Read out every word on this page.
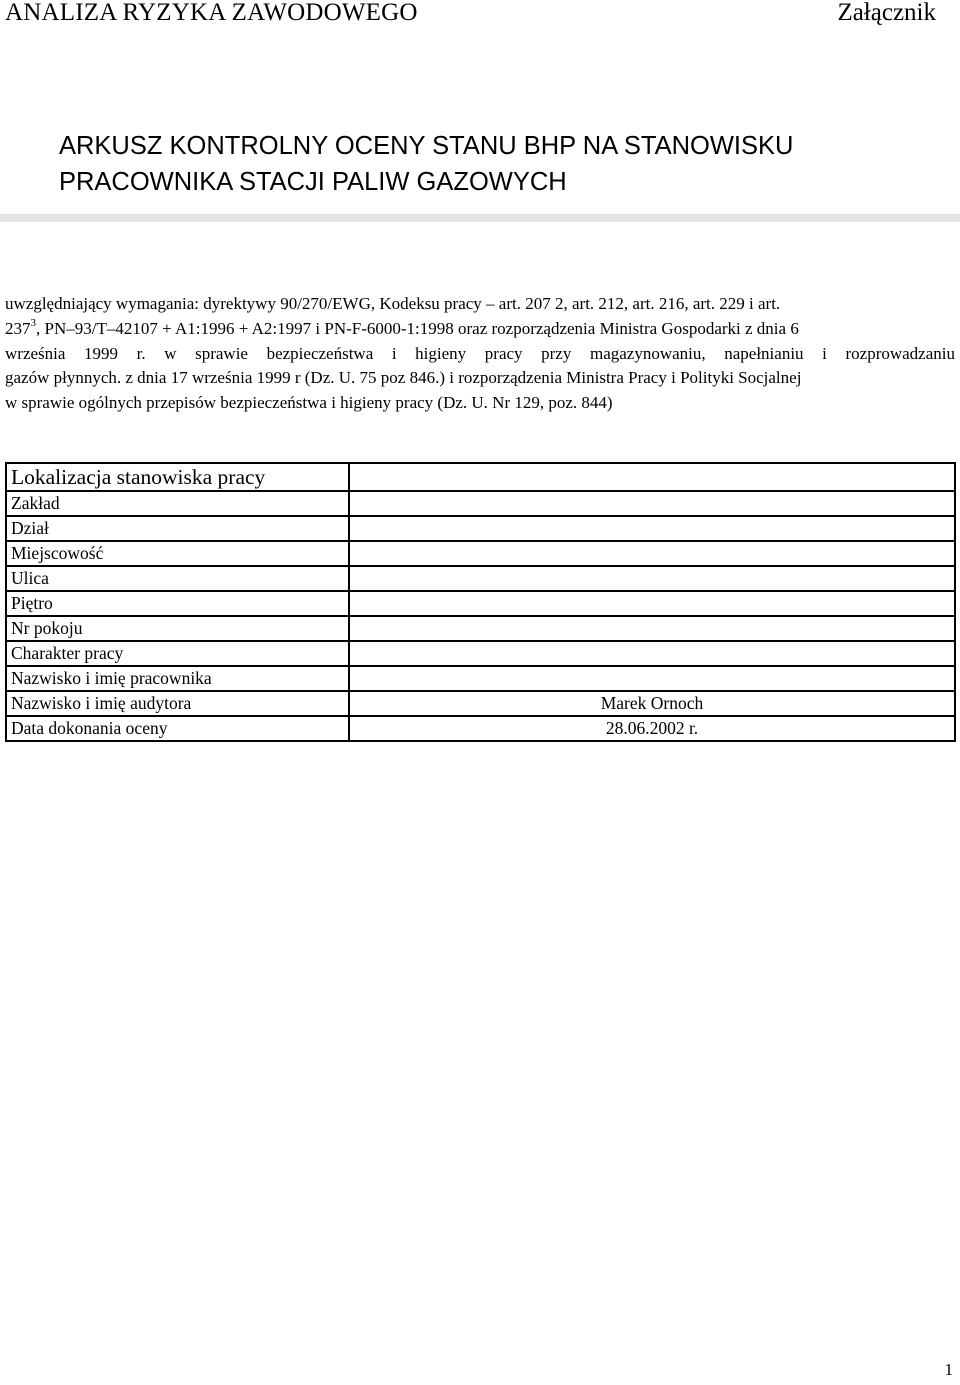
ANALIZA RYZYKA ZAWODOWEGO	Załącznik
ARKUSZ KONTROLNY OCENY STANU BHP NA STANOWISKU
PRACOWNIKA STACJI PALIW GAZOWYCH
uwzględniający wymagania: dyrektywy 90/270/EWG, Kodeksu pracy – art. 207 2, art. 212, art. 216, art. 229 i art.
$237^3$, PN–93/T–42107 + A1:1996 + A2:1997 i PN-F-6000-1:1998 oraz rozporządzenia Ministra Gospodarki z dnia 6
września 1999 r. w sprawie bezpieczeństwa i higieny pracy przy magazynowaniu, napełnianiu i rozprowadzaniu
gazów płynnych. z dnia 17 września 1999 r (Dz. U. 75 poz 846.) i rozporządzenia Ministra Pracy i Polityki Socjalnej
w sprawie ogólnych przepisów bezpieczeństwa i higieny pracy (Dz. U. Nr 129, poz. 844)
Lokalizacja stanowiska pracy	
Zakład	
Dział	
Miejscowość	
Ulica	
Piętro	
Nr pokoju	
Charakter pracy	
Nazwisko i imię pracownika	
Nazwisko i imię audytora	Marek Ornoch
Data dokonania oceny	28.06.2002 r.
1
